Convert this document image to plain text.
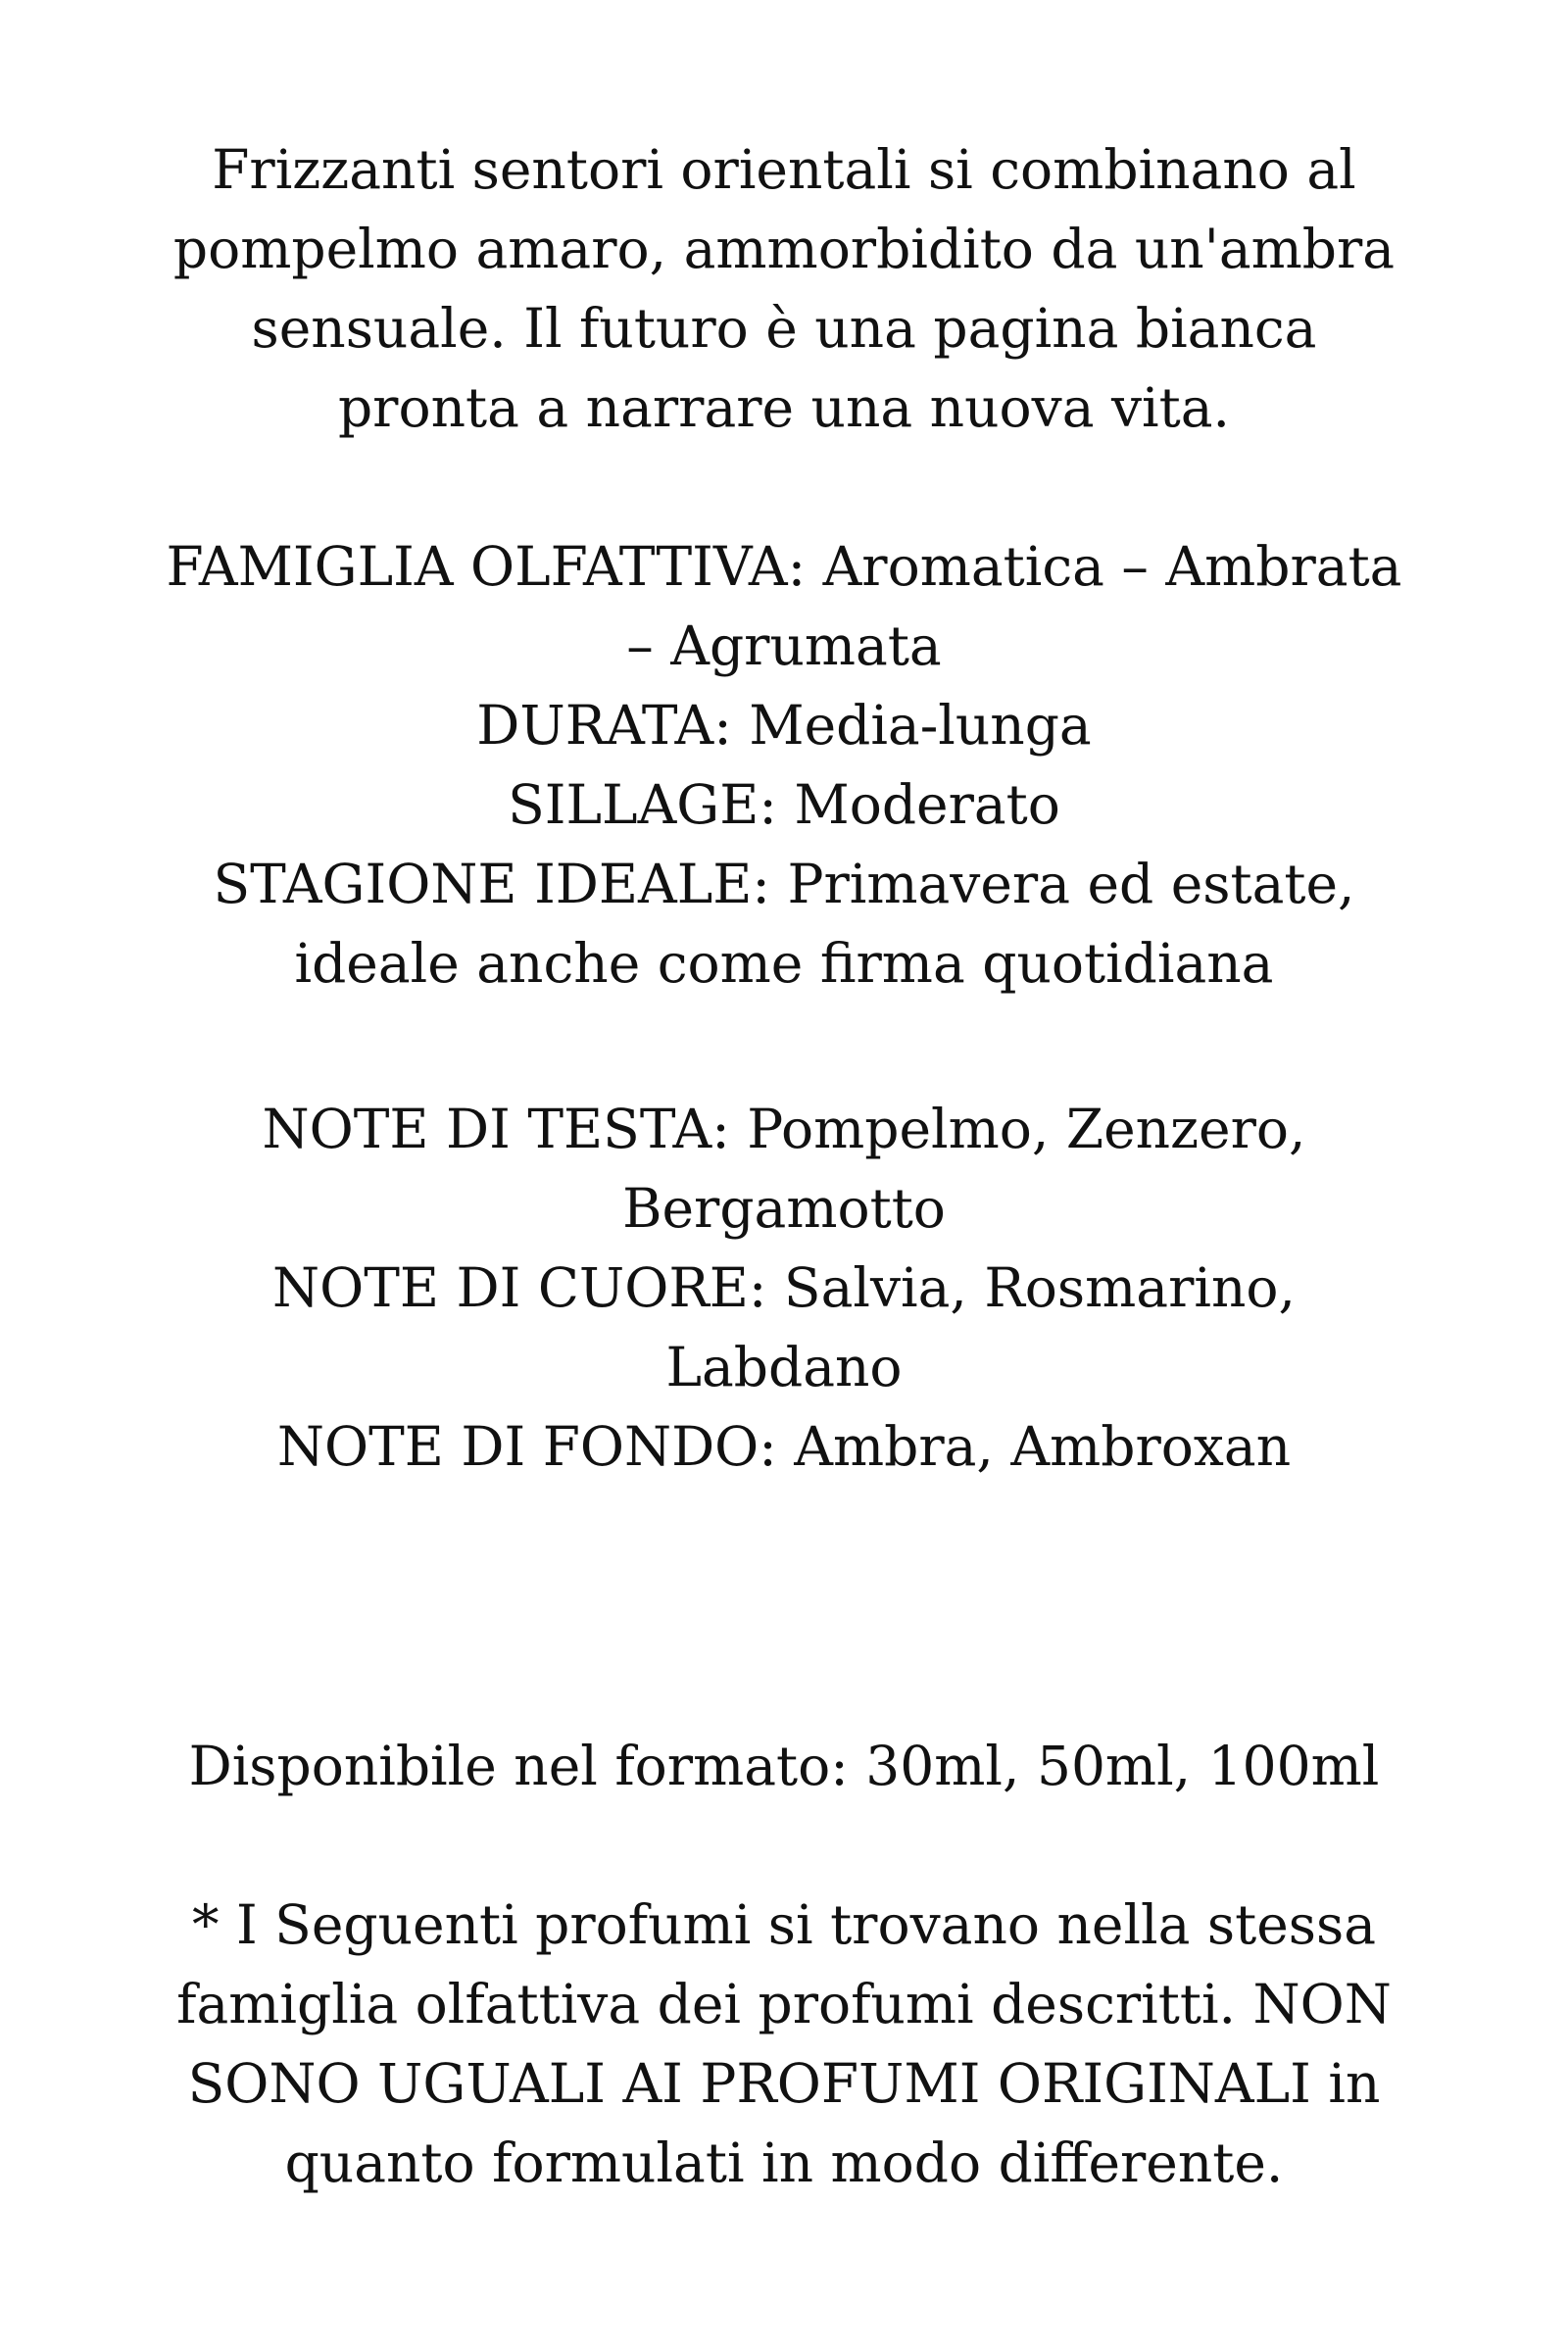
Frizzanti sentori orientali si combinano al
pompelmo amaro, ammorbidito da un'ambra
sensuale. Il futuro è una pagina bianca
pronta a narrare una nuova vita.
FAMIGLIA OLFATTIVA: Aromatica – Ambrata
– Agrumata
DURATA: Media-lunga
SILLAGE: Moderato
STAGIONE IDEALE: Primavera ed estate,
ideale anche come firma quotidiana
NOTE DI TESTA: Pompelmo, Zenzero,
Bergamotto
NOTE DI CUORE: Salvia, Rosmarino,
Labdano
NOTE DI FONDO: Ambra, Ambroxan
Disponibile nel formato: 30ml, 50ml, 100ml
* I Seguenti profumi si trovano nella stessa
famiglia olfattiva dei profumi descritti. NON
SONO UGUALI AI PROFUMI ORIGINALI in
quanto formulati in modo differente.
